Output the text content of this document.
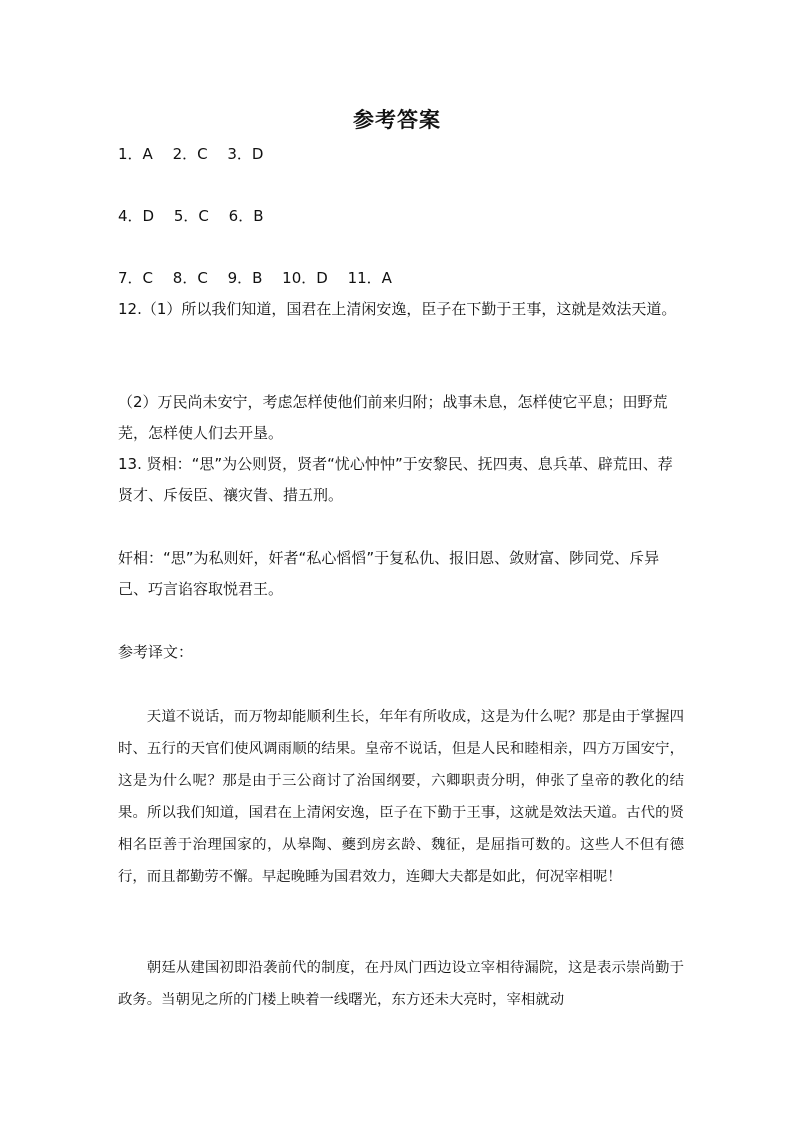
参考答案
1．A　 2．C　 3．D
4．D　 5．C　 6．B
7．C　 8．C　 9．B　 10．D　 11．A
12.（1）所以我们知道，国君在上清闲安逸，臣子在下勤于王事，这就是效法天道。
（2）万民尚未安宁，考虑怎样使他们前来归附；战事未息，怎样使它平息；田野荒芜，怎样使人们去开垦。
13. 贤相：“思”为公则贤，贤者“忧心忡忡”于安黎民、抚四夷、息兵革、辟荒田、荐贤才、斥佞臣、禳灾眚、措五刑。
奸相：“思”为私则奸，奸者“私心慆慆”于复私仇、报旧恩、敛财富、陟同党、斥异己、巧言谄容取悦君王。
参考译文：
天道不说话，而万物却能顺利生长，年年有所收成，这是为什么呢？那是由于掌握四时、五行的天官们使风调雨顺的结果。皇帝不说话，但是人民和睦相亲，四方万国安宁，这是为什么呢？那是由于三公商讨了治国纲要，六卿职责分明，伸张了皇帝的教化的结果。所以我们知道，国君在上清闲安逸，臣子在下勤于王事，这就是效法天道。古代的贤相名臣善于治理国家的，从皋陶、夔到房玄龄、魏征，是屈指可数的。这些人不但有德行，而且都勤劳不懈。早起晚睡为国君效力，连卿大夫都是如此，何况宰相呢！
朝廷从建国初即沿袭前代的制度，在丹凤门西边设立宰相待漏院，这是表示崇尚勤于政务。当朝见之所的门楼上映着一线曙光，东方还未大亮时，宰相就动
